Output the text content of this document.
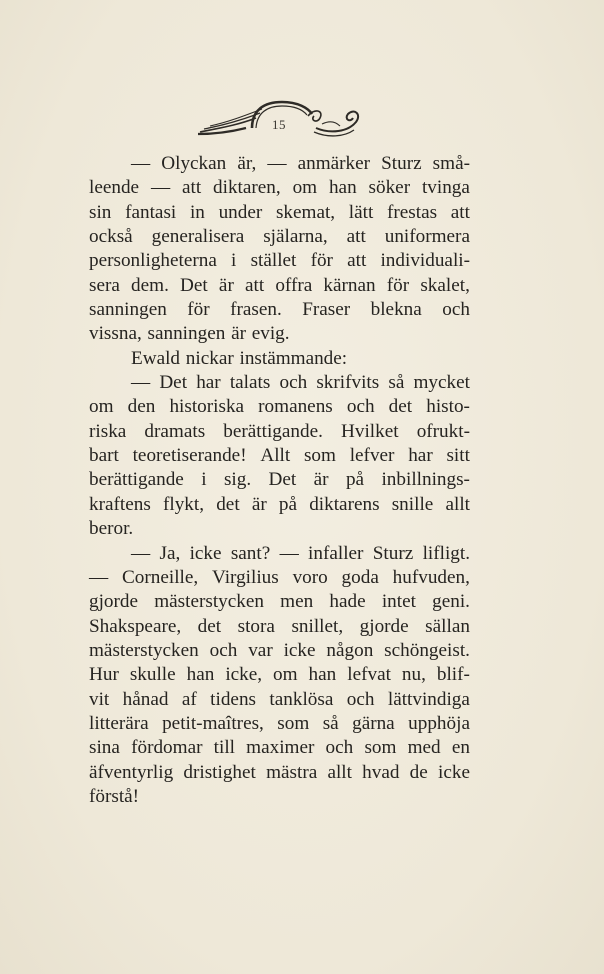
15
— Olyckan är, — anmärker Sturz små-
leende — att diktaren, om han söker tvinga
sin fantasi in under skemat, lätt frestas att
också generalisera själarna, att uniformera
personligheterna i stället för att individuali-
sera dem. Det är att offra kärnan för skalet,
sanningen för frasen. Fraser blekna och
vissna, sanningen är evig.
Ewald nickar instämmande:
— Det har talats och skrifvits så mycket
om den historiska romanens och det histo-
riska dramats berättigande. Hvilket ofrukt-
bart teoretiserande! Allt som lefver har sitt
berättigande i sig. Det är på inbillnings-
kraftens flykt, det är på diktarens snille allt
beror.
— Ja, icke sant? — infaller Sturz lifligt.
— Corneille, Virgilius voro goda hufvuden,
gjorde mästerstycken men hade intet geni.
Shakspeare, det stora snillet, gjorde sällan
mästerstycken och var icke någon schöngeist.
Hur skulle han icke, om han lefvat nu, blif-
vit hånad af tidens tanklösa och lättvindiga
litterära petit-maîtres, som så gärna upphöja
sina fördomar till maximer och som med en
äfventyrlig dristighet mästra allt hvad de icke
förstå!
